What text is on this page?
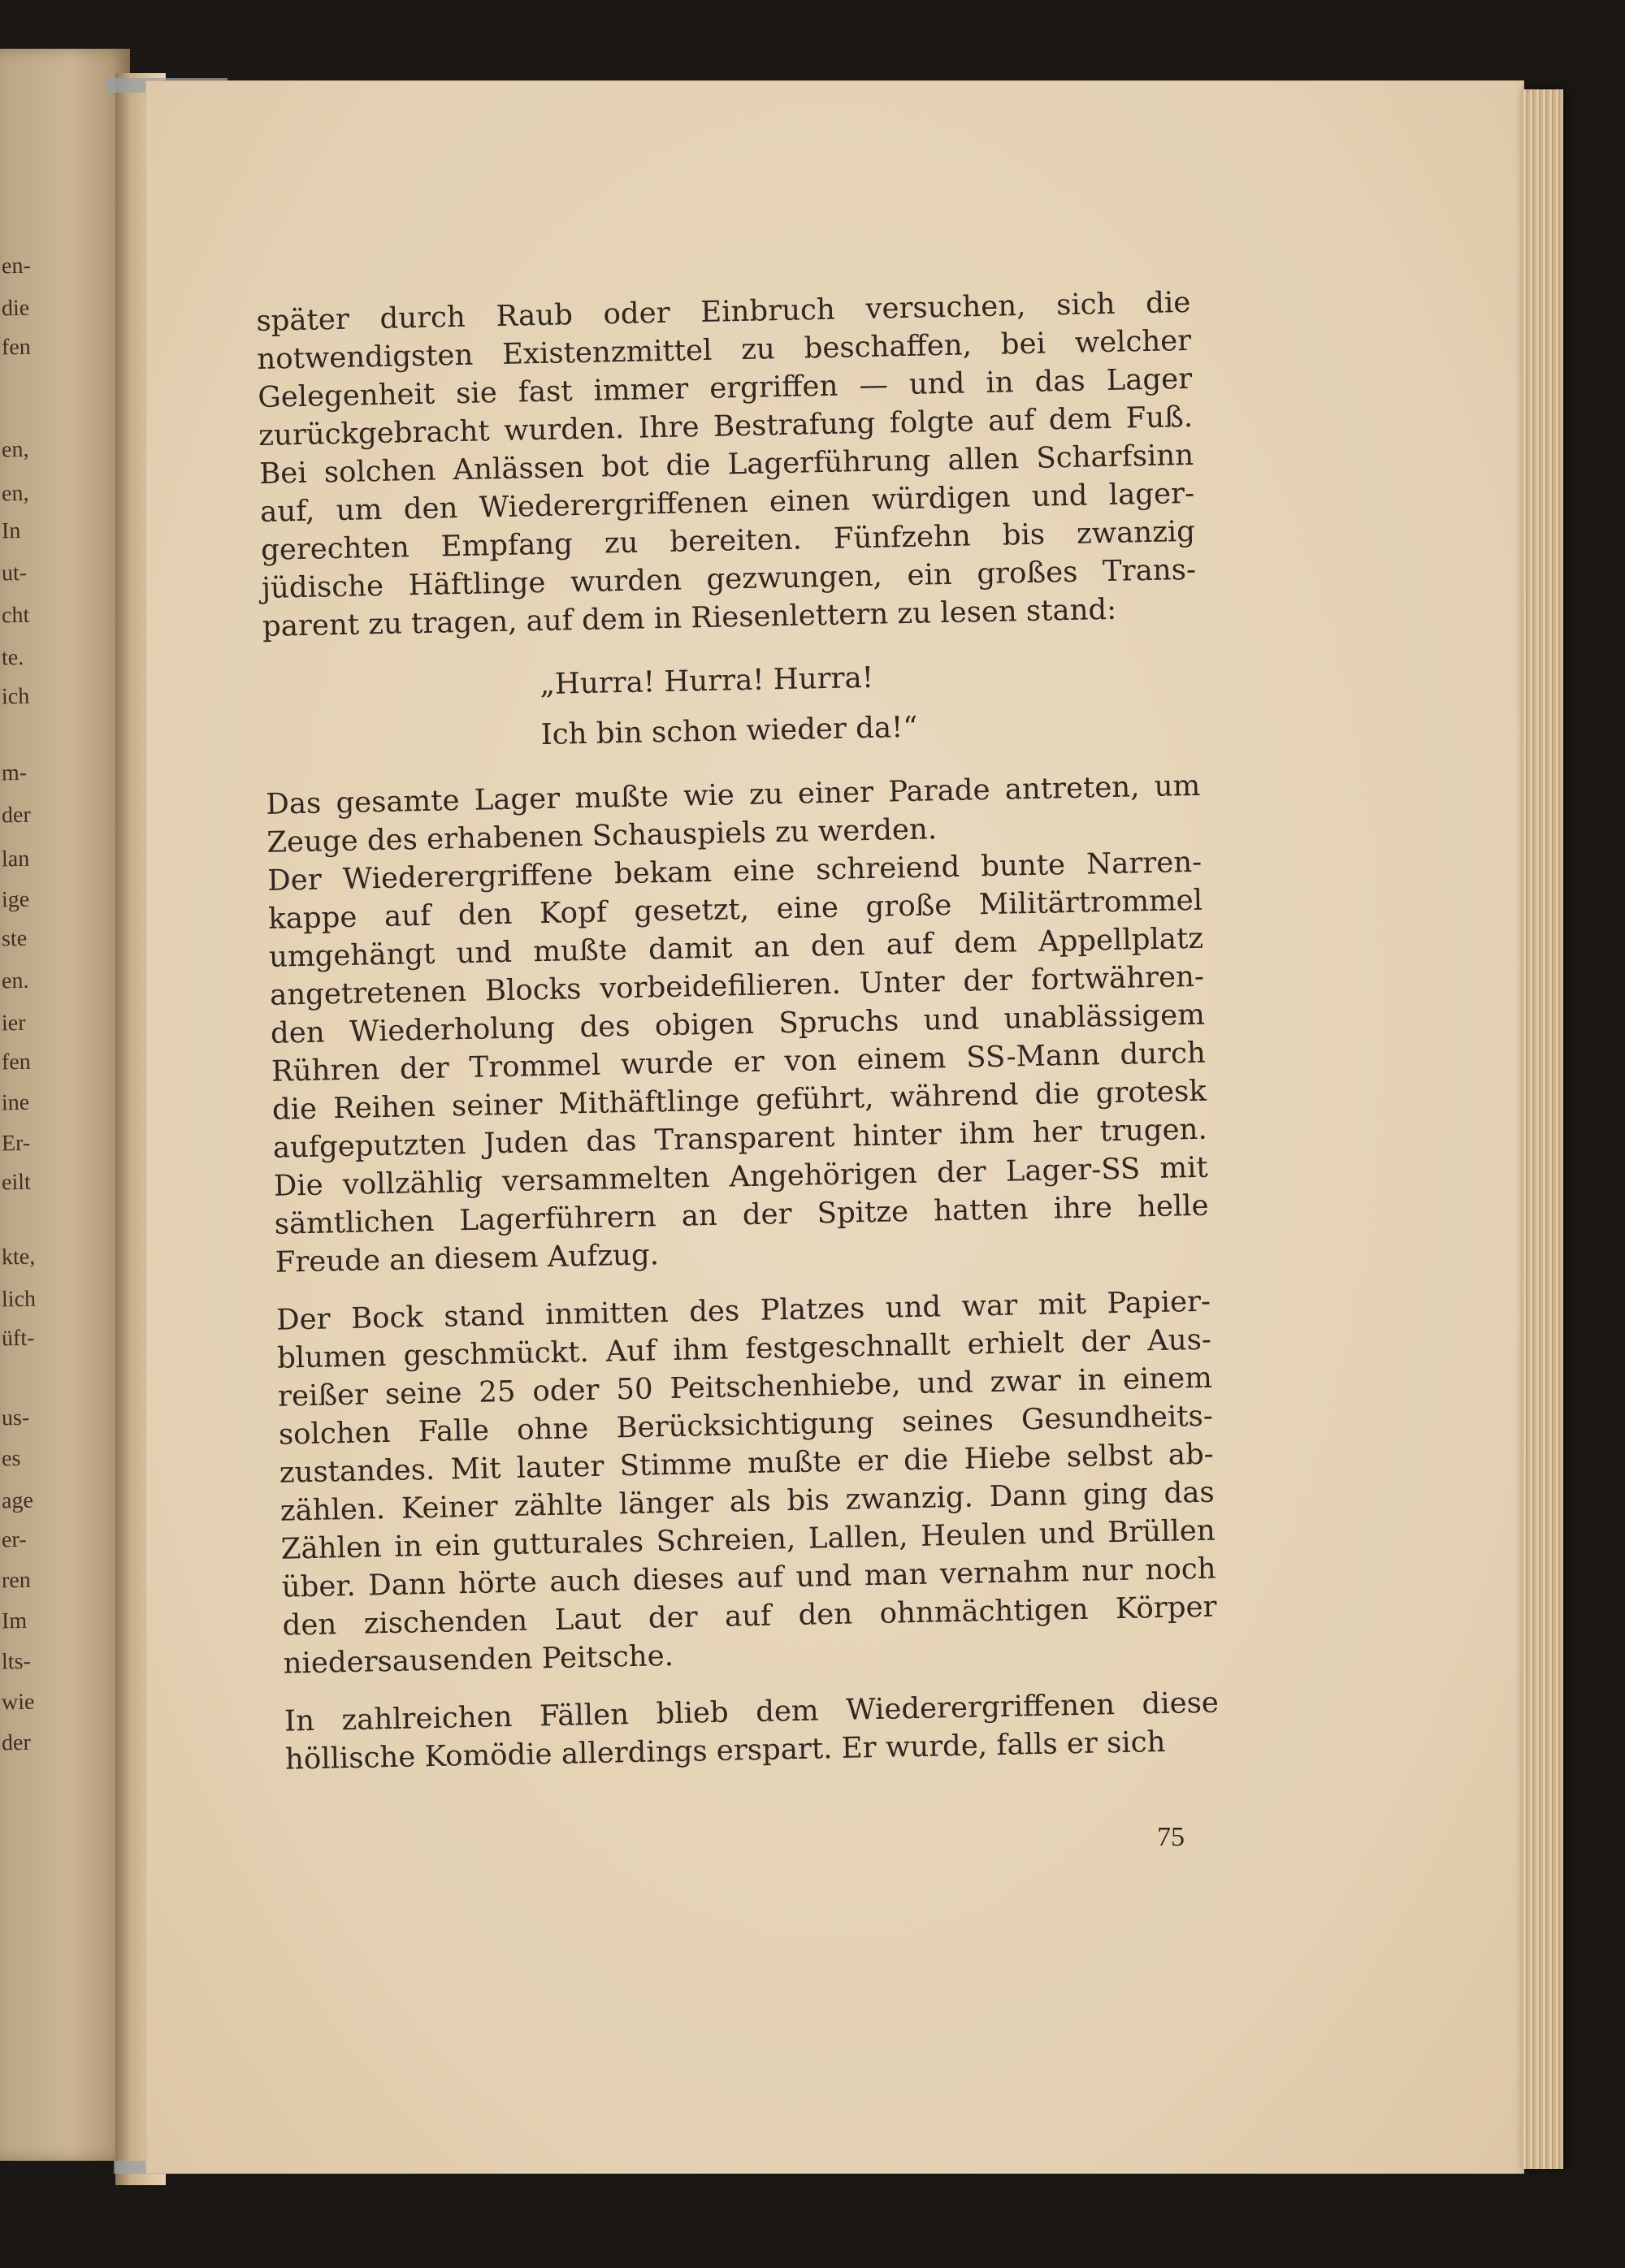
en-
die
fen
en,
en,
In
ut-
cht
te.
ich
m-
der
lan
ige
ste
en.
ier
fen
ine
Er-
eilt
kte,
lich
üft-
us-
es
age
er-
ren
Im
lts-
wie
der
später durch Raub oder Einbruch versuchen, sich die
notwendigsten Existenzmittel zu beschaffen, bei welcher
Gelegenheit sie fast immer ergriffen — und in das Lager
zurückgebracht wurden. Ihre Bestrafung folgte auf dem Fuß.
Bei solchen Anlässen bot die Lagerführung allen Scharfsinn
auf, um den Wiederergriffenen einen würdigen und lager-
gerechten Empfang zu bereiten. Fünfzehn bis zwanzig
jüdische Häftlinge wurden gezwungen, ein großes Trans-
parent zu tragen, auf dem in Riesenlettern zu lesen stand:
„Hurra! Hurra! Hurra!
Ich bin schon wieder da!“
Das gesamte Lager mußte wie zu einer Parade antreten, um
Zeuge des erhabenen Schauspiels zu werden.
Der Wiederergriffene bekam eine schreiend bunte Narren-
kappe auf den Kopf gesetzt, eine große Militärtrommel
umgehängt und mußte damit an den auf dem Appellplatz
angetretenen Blocks vorbeidefilieren. Unter der fortwähren-
den Wiederholung des obigen Spruchs und unablässigem
Rühren der Trommel wurde er von einem SS-Mann durch
die Reihen seiner Mithäftlinge geführt, während die grotesk
aufgeputzten Juden das Transparent hinter ihm her trugen.
Die vollzählig versammelten Angehörigen der Lager-SS mit
sämtlichen Lagerführern an der Spitze hatten ihre helle
Freude an diesem Aufzug.
Der Bock stand inmitten des Platzes und war mit Papier-
blumen geschmückt. Auf ihm festgeschnallt erhielt der Aus-
reißer seine 25 oder 50 Peitschenhiebe, und zwar in einem
solchen Falle ohne Berücksichtigung seines Gesundheits-
zustandes. Mit lauter Stimme mußte er die Hiebe selbst ab-
zählen. Keiner zählte länger als bis zwanzig. Dann ging das
Zählen in ein gutturales Schreien, Lallen, Heulen und Brüllen
über. Dann hörte auch dieses auf und man vernahm nur noch
den zischenden Laut der auf den ohnmächtigen Körper
niedersausenden Peitsche.
In zahlreichen Fällen blieb dem Wiederergriffenen diese
höllische Komödie allerdings erspart. Er wurde, falls er sich
75
